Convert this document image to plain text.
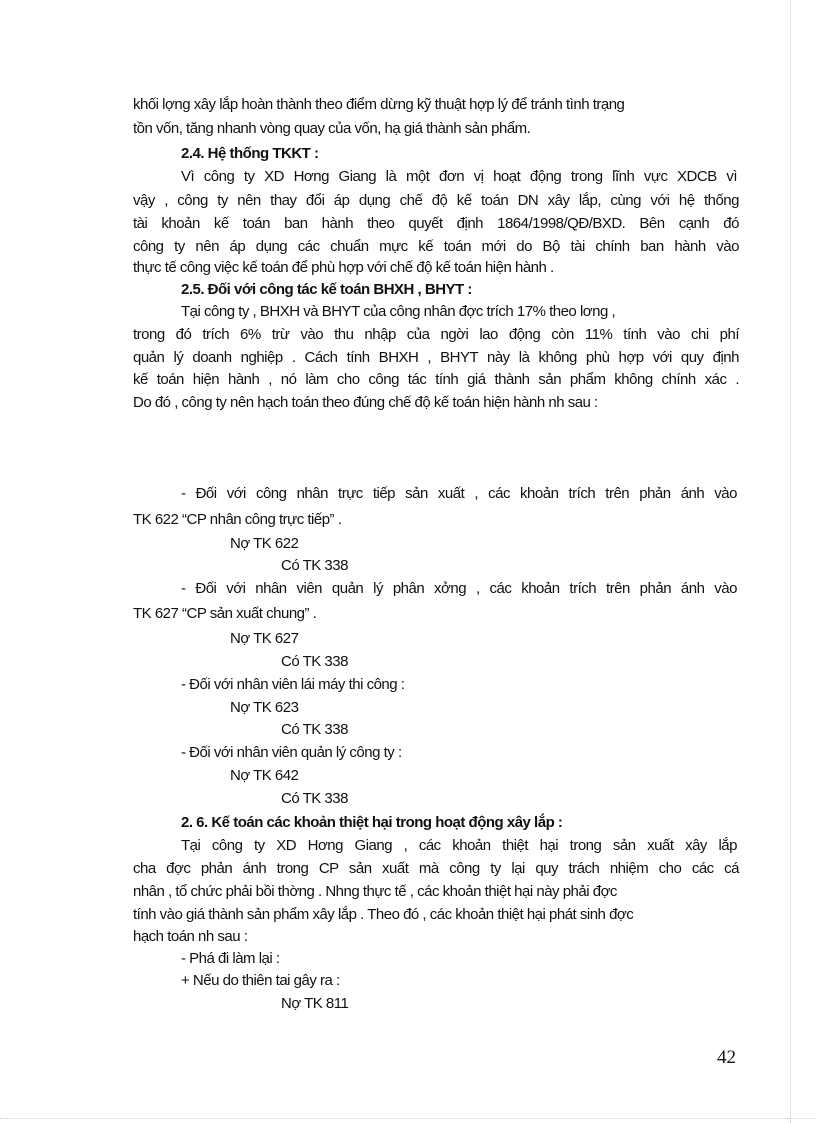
khối lợng xây lắp hoàn thành theo điểm dừng kỹ thuật hợp lý để tránh tình trạng
tồn vốn, tăng nhanh vòng quay của vốn, hạ giá thành sản phẩm.
2.4. Hệ thống TKKT :
Vì công ty XD Hơng Giang là một đơn vị hoạt động trong lĩnh vực XDCB vì
vậy , công ty nên thay đổi áp dụng chế độ kế toán DN xây lắp, cùng với hệ thống
tài khoản kế toán ban hành theo quyết định 1864/1998/QĐ/BXD. Bên cạnh đó
công ty nên áp dụng các chuẩn mực kế toán mới do Bộ tài chính ban hành vào
thực tế công việc kế toán để phù hợp với chế độ kế toán hiện hành .
2.5. Đối với công tác kế toán BHXH , BHYT :
Tại công ty , BHXH và BHYT của công nhân đợc trích 17% theo lơng ,
trong đó trích 6% trừ vào thu nhập của ngời lao động còn 11% tính vào chi phí
quản lý doanh nghiệp . Cách tính BHXH , BHYT này là không phù hợp với quy định
kế toán hiện hành , nó làm cho công tác tính giá thành sản phẩm không chính xác .
Do đó , công ty nên hạch toán theo đúng chế độ kế toán hiện hành nh sau :
- Đối với công nhân trực tiếp sản xuất , các khoản trích trên phản ánh vào
TK 622 “CP nhân công trực tiếp” .
Nợ TK 622
Có TK 338
- Đối với nhân viên quản lý phân xởng , các khoản trích trên phản ánh vào
TK 627 “CP sản xuất chung” .
Nợ TK 627
Có TK 338
- Đối với nhân viên lái máy thi công :
Nợ TK 623
Có TK 338
- Đối với nhân viên quản lý công ty :
Nợ TK 642
Có TK 338
2. 6. Kế toán các khoản thiệt hại trong hoạt động xây lắp :
Tại công ty XD Hơng Giang , các khoản thiệt hại trong sản xuất xây lắp
cha đợc phản ánh trong CP sản xuất mà công ty lại quy trách nhiệm cho các cá
nhân , tổ chức phải bồi thờng . Nhng thực tế , các khoản thiệt hại này phải đợc
tính vào giá thành sản phẩm xây lắp . Theo đó , các khoản thiệt hại phát sinh đợc
hạch toán nh sau :
- Phá đi làm lại :
+ Nếu do thiên tai gây ra :
Nợ TK 811
42
